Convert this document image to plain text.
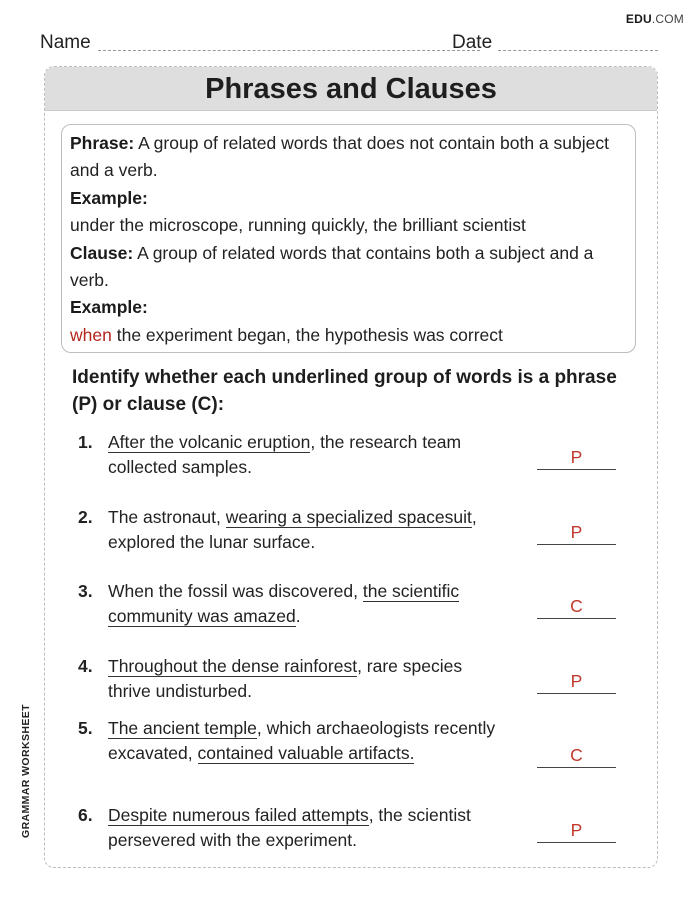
EDU.COM
Name	Date
Phrases and Clauses
Phrase: A group of related words that does not contain both a subject and a verb.
Example:
under the microscope, running quickly, the brilliant scientist
Clause: A group of related words that contains both a subject and a verb.
Example:
when the experiment began, the hypothesis was correct
Identify whether each underlined group of words is a phrase (P) or clause (C):
1. After the volcanic eruption, the research team collected samples.	P
2. The astronaut, wearing a specialized spacesuit, explored the lunar surface.	P
3. When the fossil was discovered, the scientific community was amazed.	C
4. Throughout the dense rainforest, rare species thrive undisturbed.	P
5. The ancient temple, which archaeologists recently excavated, contained valuable artifacts.	C
6. Despite numerous failed attempts, the scientist persevered with the experiment.	P
GRAMMAR WORKSHEET
